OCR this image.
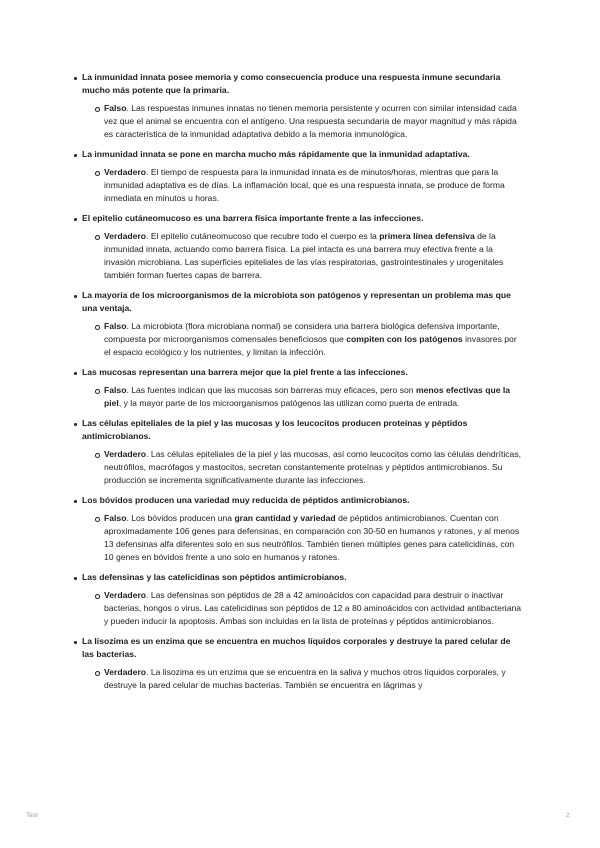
La inmunidad innata posee memoria y como consecuencia produce una respuesta inmune secundaria mucho más potente que la primaria.

Falso. Las respuestas inmunes innatas no tienen memoria persistente y ocurren con similar intensidad cada vez que el animal se encuentra con el antígeno. Una respuesta secundaria de mayor magnitud y más rápida es característica de la inmunidad adaptativa debido a la memoria inmunológica.

La inmunidad innata se pone en marcha mucho más rápidamente que la inmunidad adaptativa.

Verdadero. El tiempo de respuesta para la inmunidad innata es de minutos/horas, mientras que para la inmunidad adaptativa es de días. La inflamación local, que es una respuesta innata, se produce de forma inmediata en minutos u horas.

El epitelio cutáneomucoso es una barrera física importante frente a las infecciones.

Verdadero. El epitelio cutáneomucoso que recubre todo el cuerpo es la primera línea defensiva de la inmunidad innata, actuando como barrera física. La piel intacta es una barrera muy efectiva frente a la invasión microbiana. Las superficies epiteliales de las vías respiratorias, gastrointestinales y urogenitales también forman fuertes capas de barrera.

La mayoría de los microorganismos de la microbiota son patógenos y representan un problema mas que una ventaja.

Falso. La microbiota (flora microbiana normal) se considera una barrera biológica defensiva importante, compuesta por microorganismos comensales beneficiosos que compiten con los patógenos invasores por el espacio ecológico y los nutrientes, y limitan la infección.

Las mucosas representan una barrera mejor que la piel frente a las infecciones.

Falso. Las fuentes indican que las mucosas son barreras muy eficaces, pero son menos efectivas que la piel, y la mayor parte de los microorganismos patógenos las utilizan como puerta de entrada.

Las células epiteliales de la piel y las mucosas y los leucocitos producen proteínas y péptidos antimicrobianos.

Verdadero. Las células epiteliales de la piel y las mucosas, así como leucocitos como las células dendríticas, neutrófilos, macrófagos y mastocitos, secretan constantemente proteínas y péptidos antimicrobianos. Su producción se incrementa significativamente durante las infecciones.

Los bóvidos producen una variedad muy reducida de péptidos antimicrobianos.

Falso. Los bóvidos producen una gran cantidad y variedad de péptidos antimicrobianos. Cuentan con aproximadamente 106 genes para defensinas, en comparación con 30-50 en humanos y ratones, y al menos 13 defensinas alfa diferentes solo en sus neutrófilos. También tienen múltiples genes para catelicidinas, con 10 genes en bóvidos frente a uno solo en humanos y ratones.

Las defensinas y las catelicidinas son péptidos antimicrobianos.

Verdadero. Las defensinas son péptidos de 28 a 42 aminoácidos con capacidad para destruir o inactivar bacterias, hongos o virus. Las catelicidinas son péptidos de 12 a 80 aminoácidos con actividad antibacteriana y pueden inducir la apoptosis. Ambas son incluidas en la lista de proteínas y péptidos antimicrobianos.

La lisozima es un enzima que se encuentra en muchos líquidos corporales y destruye la pared celular de las bacterias.

Verdadero. La lisozima es un enzima que se encuentra en la saliva y muchos otros líquidos corporales, y destruye la pared celular de muchas bacterias. También se encuentra en lágrimas y
Test	2
